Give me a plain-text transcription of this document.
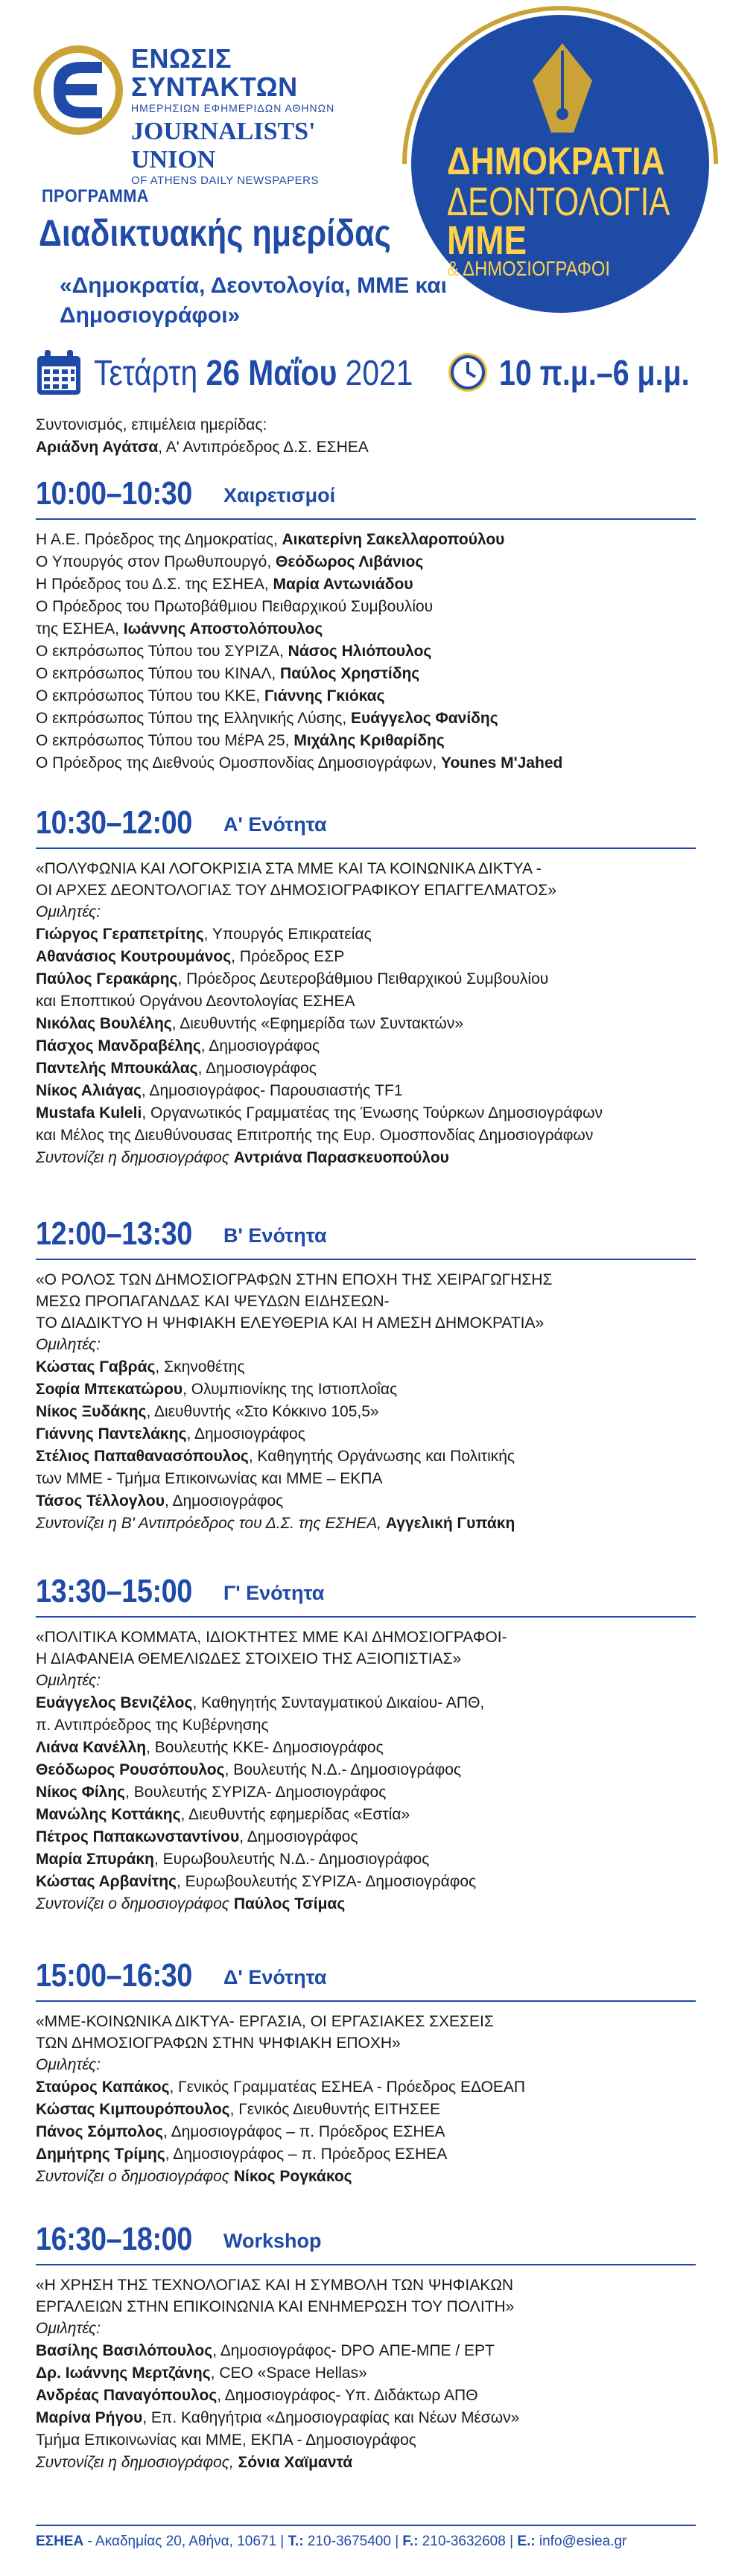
ΕΝΩΣΙΣ ΣΥΝΤΑΚΤΩΝ
ΗΜΕΡΗΣΙΩΝ ΕΦΗΜΕΡΙΔΩΝ ΑΘΗΝΩΝ
JOURNALISTS' UNION
OF ATHENS DAILY NEWSPAPERS	ΔΗΜΟΚΡΑΤΙΑ
ΔΕΟΝΤΟΛΟΓΙΑ
ΜΜΕ
& ΔΗΜΟΣΙΟΓΡΑΦΟΙ
ΠΡΟΓΡΑΜΜΑ
Διαδικτυακής ημερίδας
«Δημοκρατία, Δεοντολογία, ΜΜΕ και Δημοσιογράφοι»
Τετάρτη 26 Μαΐου 2021 10 π.μ.–6 μ.μ.
Συντονισμός, επιμέλεια ημερίδας:
Αριάδνη Αγάτσα, Α' Αντιπρόεδρος Δ.Σ. ΕΣΗΕΑ
10:00–10:30 Χαιρετισμοί
Η Α.Ε. Πρόεδρος της Δημοκρατίας, Αικατερίνη Σακελλαροπούλου
Ο Υπουργός στον Πρωθυπουργό, Θεόδωρος Λιβάνιος
Η Πρόεδρος του Δ.Σ. της ΕΣΗΕΑ, Μαρία Αντωνιάδου
Ο Πρόεδρος του Πρωτοβάθμιου Πειθαρχικού Συμβουλίου
της ΕΣΗΕΑ, Ιωάννης Αποστολόπουλος
Ο εκπρόσωπος Τύπου του ΣΥΡΙΖΑ, Νάσος Ηλιόπουλος
Ο εκπρόσωπος Τύπου του ΚΙΝΑΛ, Παύλος Χρηστίδης
Ο εκπρόσωπος Τύπου του ΚΚΕ, Γιάννης Γκιόκας
Ο εκπρόσωπος Τύπου της Ελληνικής Λύσης, Ευάγγελος Φανίδης
Ο εκπρόσωπος Τύπου του ΜέΡΑ 25, Μιχάλης Κριθαρίδης
Ο Πρόεδρος της Διεθνούς Ομοσπονδίας Δημοσιογράφων, Younes M'Jahed
10:30–12:00 Α' Ενότητα
«ΠΟΛΥΦΩΝΙΑ ΚΑΙ ΛΟΓΟΚΡΙΣΙΑ ΣΤΑ ΜΜΕ ΚΑΙ ΤΑ ΚΟΙΝΩΝΙΚΑ ΔΙΚΤΥΑ -
ΟΙ ΑΡΧΕΣ ΔΕΟΝΤΟΛΟΓΙΑΣ ΤΟΥ ΔΗΜΟΣΙΟΓΡΑΦΙΚΟΥ ΕΠΑΓΓΕΛΜΑΤΟΣ»
Ομιλητές:
Γιώργος Γεραπετρίτης, Υπουργός Επικρατείας
Αθανάσιος Κουτρουμάνος, Πρόεδρος ΕΣΡ
Παύλος Γερακάρης, Πρόεδρος Δευτεροβάθμιου Πειθαρχικού Συμβουλίου
και Εποπτικού Οργάνου Δεοντολογίας ΕΣΗΕΑ
Νικόλας Βουλέλης, Διευθυντής «Εφημερίδα των Συντακτών»
Πάσχος Μανδραβέλης, Δημοσιογράφος
Παντελής Μπουκάλας, Δημοσιογράφος
Νίκος Αλιάγας, Δημοσιογράφος- Παρουσιαστής TF1
Mustafa Kuleli, Οργανωτικός Γραμματέας της Ένωσης Τούρκων Δημοσιογράφων
και Μέλος της Διευθύνουσας Επιτροπής της Ευρ. Ομοσπονδίας Δημοσιογράφων
Συντονίζει η δημοσιογράφος Αντριάνα Παρασκευοπούλου
12:00–13:30 Β' Ενότητα
«Ο ΡΟΛΟΣ ΤΩΝ ΔΗΜΟΣΙΟΓΡΑΦΩΝ ΣΤΗΝ ΕΠΟΧΗ ΤΗΣ ΧΕΙΡΑΓΩΓΗΣΗΣ
ΜΕΣΩ ΠΡΟΠΑΓΑΝΔΑΣ ΚΑΙ ΨΕΥΔΩΝ ΕΙΔΗΣΕΩΝ-
ΤΟ ΔΙΑΔΙΚΤΥΟ Η ΨΗΦΙΑΚΗ ΕΛΕΥΘΕΡΙΑ ΚΑΙ Η ΑΜΕΣΗ ΔΗΜΟΚΡΑΤΙΑ»
Ομιλητές:
Κώστας Γαβράς, Σκηνοθέτης
Σοφία Μπεκατώρου, Ολυμπιονίκης της Ιστιοπλοΐας
Νίκος Ξυδάκης, Διευθυντής «Στο Κόκκινο 105,5»
Γιάννης Παντελάκης, Δημοσιογράφος
Στέλιος Παπαθανασόπουλος, Καθηγητής Οργάνωσης και Πολιτικής
των ΜΜΕ - Τμήμα Επικοινωνίας και ΜΜΕ – ΕΚΠΑ
Τάσος Τέλλογλου, Δημοσιογράφος
Συντονίζει η Β' Αντιπρόεδρος του Δ.Σ. της ΕΣΗΕΑ, Αγγελική Γυπάκη
13:30–15:00 Γ' Ενότητα
«ΠΟΛΙΤΙΚΑ ΚΟΜΜΑΤΑ, ΙΔΙΟΚΤΗΤΕΣ ΜΜΕ ΚΑΙ ΔΗΜΟΣΙΟΓΡΑΦΟΙ-
Η ΔΙΑΦΑΝΕΙΑ ΘΕΜΕΛΙΩΔΕΣ ΣΤΟΙΧΕΙΟ ΤΗΣ ΑΞΙΟΠΙΣΤΙΑΣ»
Ομιλητές:
Ευάγγελος Βενιζέλος, Καθηγητής Συνταγματικού Δικαίου- ΑΠΘ,
π. Αντιπρόεδρος της Κυβέρνησης
Λιάνα Κανέλλη, Βουλευτής ΚΚΕ- Δημοσιογράφος
Θεόδωρος Ρουσόπουλος, Βουλευτής Ν.Δ.- Δημοσιογράφος
Νίκος Φίλης, Βουλευτής ΣΥΡΙΖΑ- Δημοσιογράφος
Μανώλης Κοττάκης, Διευθυντής εφημερίδας «Εστία»
Πέτρος Παπακωνσταντίνου, Δημοσιογράφος
Μαρία Σπυράκη, Ευρωβουλευτής Ν.Δ.- Δημοσιογράφος
Κώστας Αρβανίτης, Ευρωβουλευτής ΣΥΡΙΖΑ- Δημοσιογράφος
Συντονίζει ο δημοσιογράφος Παύλος Τσίμας
15:00–16:30 Δ' Ενότητα
«ΜΜΕ-ΚΟΙΝΩΝΙΚΑ ΔΙΚΤΥΑ- ΕΡΓΑΣΙΑ, ΟΙ ΕΡΓΑΣΙΑΚΕΣ ΣΧΕΣΕΙΣ
ΤΩΝ ΔΗΜΟΣΙΟΓΡΑΦΩΝ ΣΤΗΝ ΨΗΦΙΑΚΗ ΕΠΟΧΗ»
Ομιλητές:
Σταύρος Καπάκος, Γενικός Γραμματέας ΕΣΗΕΑ - Πρόεδρος ΕΔΟΕΑΠ
Κώστας Κιμπουρόπουλος, Γενικός Διευθυντής ΕΙΤΗΣΕΕ
Πάνος Σόμπολος, Δημοσιογράφος – π. Πρόεδρος ΕΣΗΕΑ
Δημήτρης Τρίμης, Δημοσιογράφος – π. Πρόεδρος ΕΣΗΕΑ
Συντονίζει ο δημοσιογράφος Νίκος Ρογκάκος
16:30–18:00 Workshop
«Η ΧΡΗΣΗ ΤΗΣ ΤΕΧΝΟΛΟΓΙΑΣ ΚΑΙ Η ΣΥΜΒΟΛΗ ΤΩΝ ΨΗΦΙΑΚΩΝ
ΕΡΓΑΛΕΙΩΝ ΣΤΗΝ ΕΠΙΚΟΙΝΩΝΙΑ ΚΑΙ ΕΝΗΜΕΡΩΣΗ ΤΟΥ ΠΟΛΙΤΗ»
Ομιλητές:
Βασίλης Βασιλόπουλος, Δημοσιογράφος- DPO ΑΠΕ-ΜΠΕ / ΕΡΤ
Δρ. Ιωάννης Μερτζάνης, CEO «Space Hellas»
Ανδρέας Παναγόπουλος, Δημοσιογράφος- Υπ. Διδάκτωρ ΑΠΘ
Μαρίνα Ρήγου, Επ. Καθηγήτρια «Δημοσιογραφίας και Νέων Μέσων»
Τμήμα Επικοινωνίας και ΜΜΕ, ΕΚΠΑ - Δημοσιογράφος
Συντονίζει η δημοσιογράφος, Σόνια Χαϊμαντά
ΕΣΗΕΑ - Ακαδημίας 20, Αθήνα, 10671 | Τ.: 210-3675400 | F.: 210-3632608 | E.: info@esiea.gr
